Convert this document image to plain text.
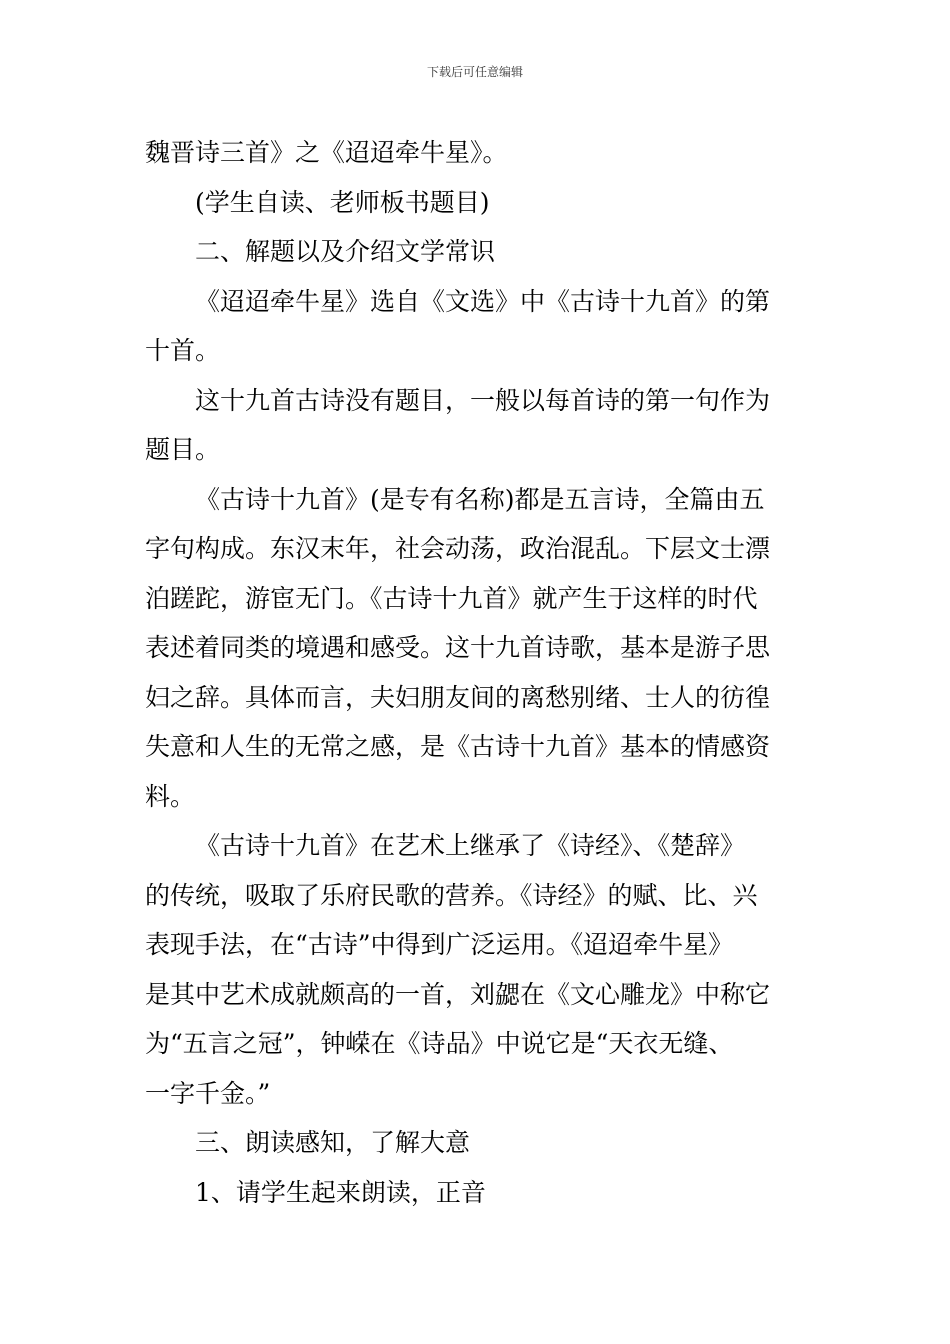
下载后可任意编辑
魏晋诗三首》之《迢迢牵牛星》。
(学生自读、老师板书题目)
二、解题以及介绍文学常识
《迢迢牵牛星》选自《文选》中《古诗十九首》的第
十首。
这十九首古诗没有题目，一般以每首诗的第一句作为
题目。
《古诗十九首》(是专有名称)都是五言诗，全篇由五
字句构成。东汉末年，社会动荡，政治混乱。下层文士漂
泊蹉跎，游宦无门。《古诗十九首》就产生于这样的时代
表述着同类的境遇和感受。这十九首诗歌，基本是游子思
妇之辞。具体而言，夫妇朋友间的离愁别绪、士人的彷徨
失意和人生的无常之感，是《古诗十九首》基本的情感资
料。
《古诗十九首》在艺术上继承了《诗经》、《楚辞》
的传统，吸取了乐府民歌的营养。《诗经》的赋、比、兴
表现手法，在“古诗”中得到广泛运用。《迢迢牵牛星》
是其中艺术成就颇高的一首，刘勰在《文心雕龙》中称它
为“五言之冠”，钟嵘在《诗品》中说它是“天衣无缝、
一字千金。”
三、朗读感知，了解大意
1、请学生起来朗读，正音
